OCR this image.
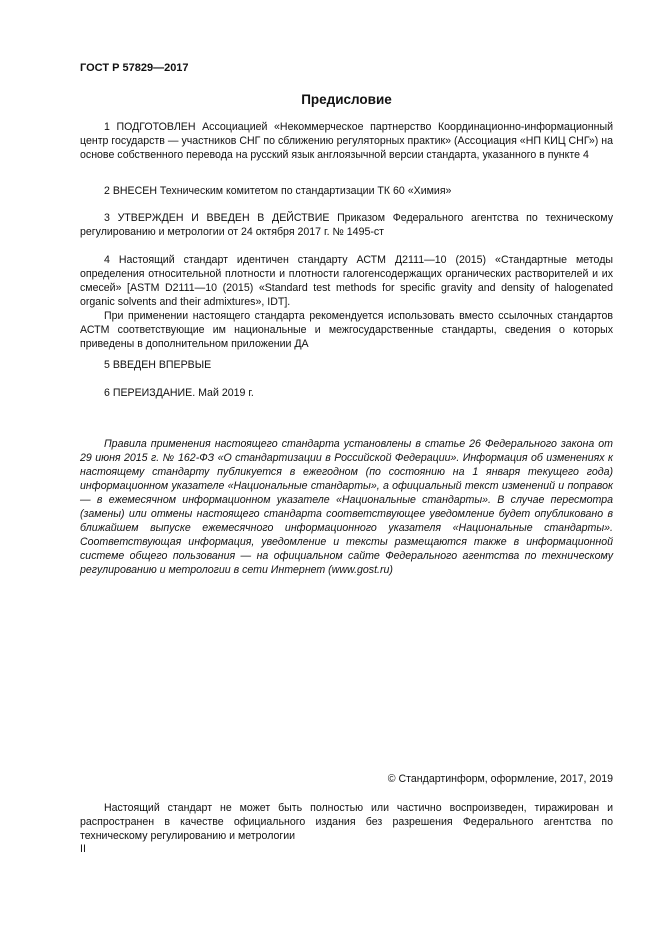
ГОСТ Р 57829—2017
Предисловие

1 ПОДГОТОВЛЕН Ассоциацией «Некоммерческое партнерство Координационно-информационный центр государств — участников СНГ по сближению регуляторных практик» (Ассоциация «НП КИЦ СНГ») на основе собственного перевода на русский язык англоязычной версии стандарта, указанного в пункте 4

2 ВНЕСЕН Техническим комитетом по стандартизации ТК 60 «Химия»

3 УТВЕРЖДЕН И ВВЕДЕН В ДЕЙСТВИЕ Приказом Федерального агентства по техническому регулированию и метрологии от 24 октября 2017 г. № 1495-ст

4 Настоящий стандарт идентичен стандарту АСТМ Д2111—10 (2015) «Стандартные методы определения относительной плотности и плотности галогенсодержащих органических растворителей и их смесей» [ASTM D2111—10 (2015) «Standard test methods for specific gravity and density of halogenated organic solvents and their admixtures», IDT].

При применении настоящего стандарта рекомендуется использовать вместо ссылочных стандартов АСТМ соответствующие им национальные и межгосударственные стандарты, сведения о которых приведены в дополнительном приложении ДА

5 ВВЕДЕН ВПЕРВЫЕ

6 ПЕРЕИЗДАНИЕ. Май 2019 г.

Правила применения настоящего стандарта установлены в статье 26 Федерального закона от 29 июня 2015 г. № 162-ФЗ «О стандартизации в Российской Федерации». Информация об изменениях к настоящему стандарту публикуется в ежегодном (по состоянию на 1 января текущего года) информационном указателе «Национальные стандарты», а официальный текст изменений и поправок — в ежемесячном информационном указателе «Национальные стандарты». В случае пересмотра (замены) или отмены настоящего стандарта соответствующее уведомление будет опубликовано в ближайшем выпуске ежемесячного информационного указателя «Национальные стандарты». Соответствующая информация, уведомление и тексты размещаются также в информационной системе общего пользования — на официальном сайте Федерального агентства по техническому регулированию и метрологии в сети Интернет (www.gost.ru)

© Стандартинформ, оформление, 2017, 2019

Настоящий стандарт не может быть полностью или частично воспроизведен, тиражирован и распространен в качестве официального издания без разрешения Федерального агентства по техническому регулированию и метрологии

II
